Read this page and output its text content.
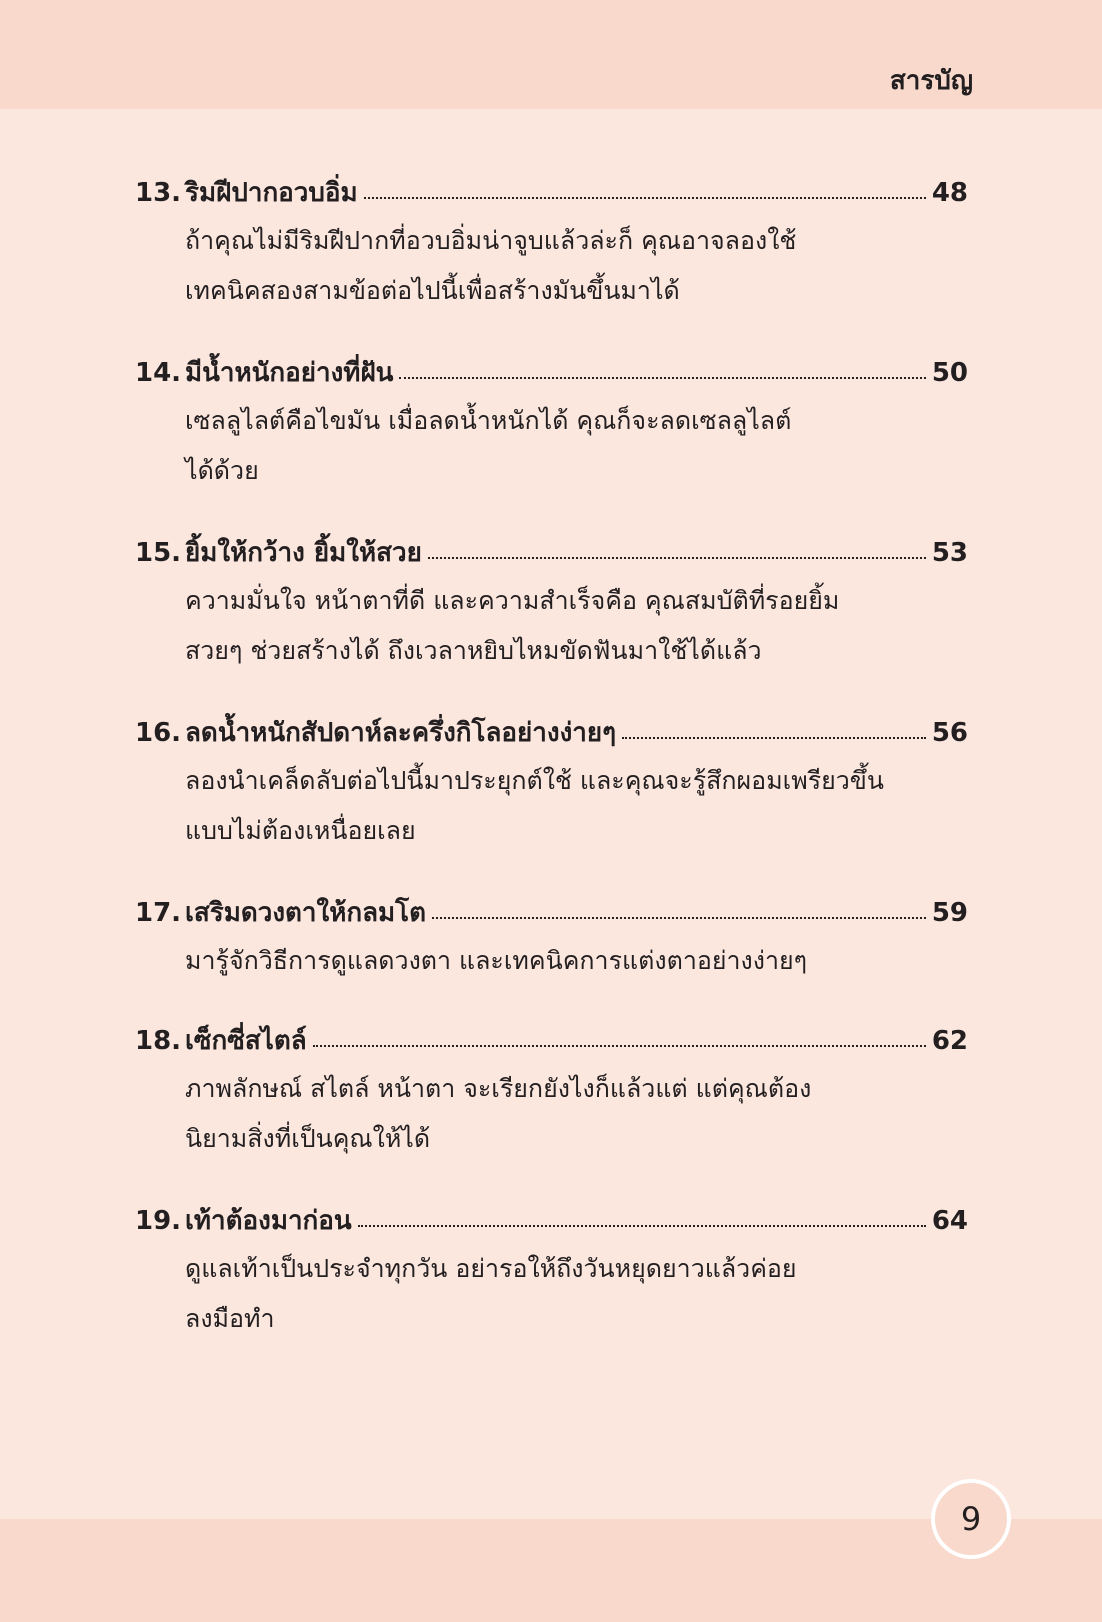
สารบัญ
13. ริมฝีปากอวบอิ่ม	48
ถ้าคุณไม่มีริมฝีปากที่อวบอิ่มน่าจูบแล้วล่ะก็ คุณอาจลองใช้
เทคนิคสองสามข้อต่อไปนี้เพื่อสร้างมันขึ้นมาได้
14. มีน้ำหนักอย่างที่ฝัน	50
เซลลูไลต์คือไขมัน เมื่อลดน้ำหนักได้ คุณก็จะลดเซลลูไลต์
ได้ด้วย
15. ยิ้มให้กว้าง ยิ้มให้สวย	53
ความมั่นใจ หน้าตาที่ดี และความสำเร็จคือ คุณสมบัติที่รอยยิ้ม
สวยๆ ช่วยสร้างได้ ถึงเวลาหยิบไหมขัดฟันมาใช้ได้แล้ว
16. ลดน้ำหนักสัปดาห์ละครึ่งกิโลอย่างง่ายๆ	56
ลองนำเคล็ดลับต่อไปนี้มาประยุกต์ใช้ และคุณจะรู้สึกผอมเพรียวขึ้น
แบบไม่ต้องเหนื่อยเลย
17. เสริมดวงตาให้กลมโต	59
มารู้จักวิธีการดูแลดวงตา และเทคนิคการแต่งตาอย่างง่ายๆ
18. เซ็กซี่สไตล์	62
ภาพลักษณ์ สไตล์ หน้าตา จะเรียกยังไงก็แล้วแต่ แต่คุณต้อง
นิยามสิ่งที่เป็นคุณให้ได้
19. เท้าต้องมาก่อน	64
ดูแลเท้าเป็นประจำทุกวัน อย่ารอให้ถึงวันหยุดยาวแล้วค่อย
ลงมือทำ
9
